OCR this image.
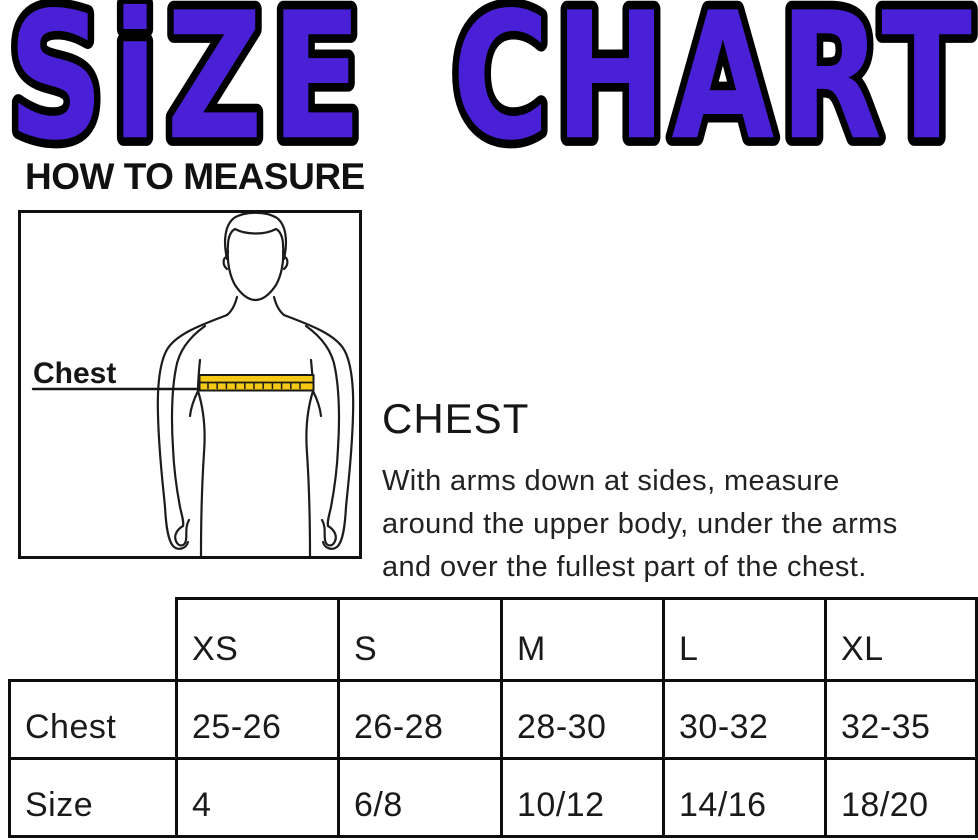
SiZE CHART
HOW TO MEASURE
Chest
CHEST
With arms down at sides, measure
around the upper body, under the arms
and over the fullest part of the chest.
	XS	S	M	L	XL
Chest	25-26	26-28	28-30	30-32	32-35
Size	4	6/8	10/12	14/16	18/20
